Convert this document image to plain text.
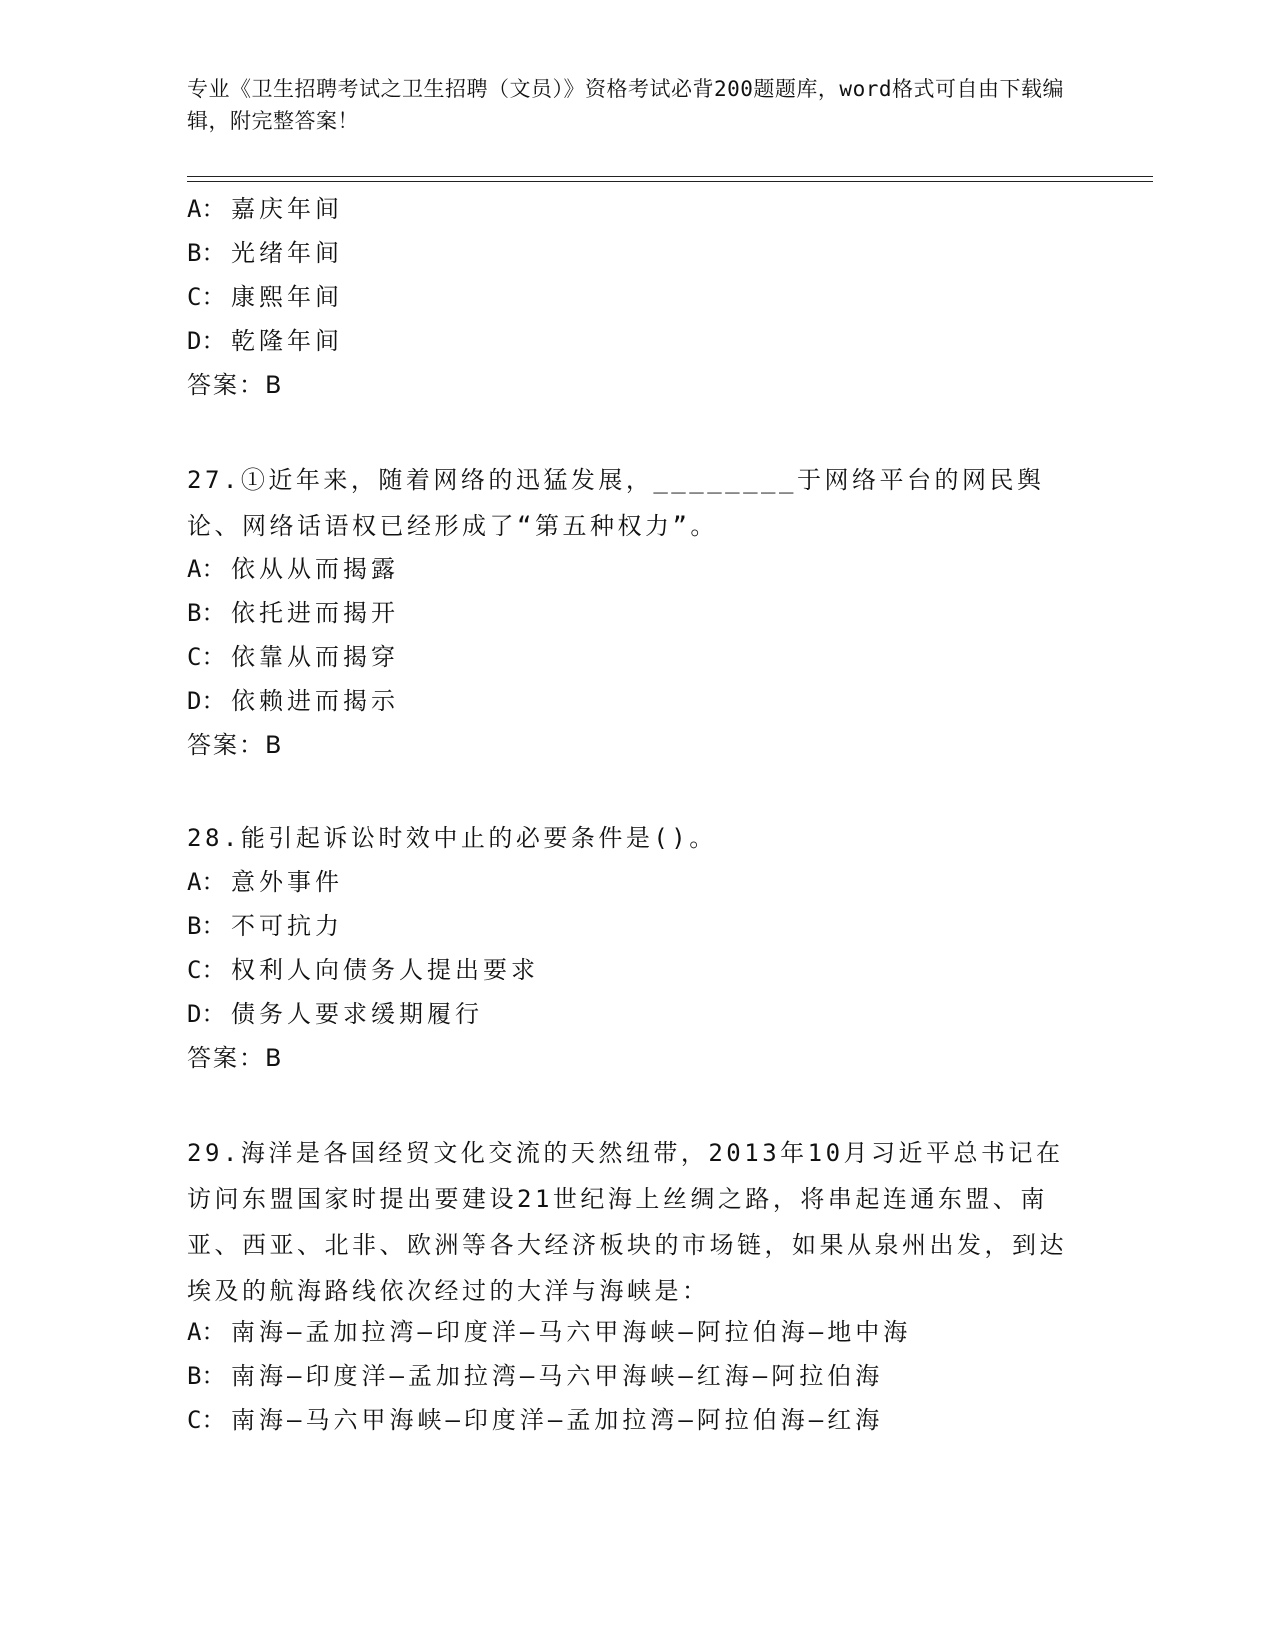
专业《卫生招聘考试之卫生招聘（文员）》资格考试必背200题题库，word格式可自由下载编辑，附完整答案！
A： 嘉庆年间
B： 光绪年间
C： 康熙年间
D： 乾隆年间
答案：B
27.①近年来，随着网络的迅猛发展，________于网络平台的网民舆论、网络话语权已经形成了“第五种权力”。
A： 依从从而揭露
B： 依托进而揭开
C： 依靠从而揭穿
D： 依赖进而揭示
答案：B
28.能引起诉讼时效中止的必要条件是()。
A： 意外事件
B： 不可抗力
C： 权利人向债务人提出要求
D： 债务人要求缓期履行
答案：B
29.海洋是各国经贸文化交流的天然纽带，2013年10月习近平总书记在访问东盟国家时提出要建设21世纪海上丝绸之路，将串起连通东盟、南亚、西亚、北非、欧洲等各大经济板块的市场链，如果从泉州出发，到达埃及的航海路线依次经过的大洋与海峡是：
A： 南海—孟加拉湾—印度洋—马六甲海峡—阿拉伯海—地中海
B： 南海—印度洋—孟加拉湾—马六甲海峡—红海—阿拉伯海
C： 南海—马六甲海峡—印度洋—孟加拉湾—阿拉伯海—红海
